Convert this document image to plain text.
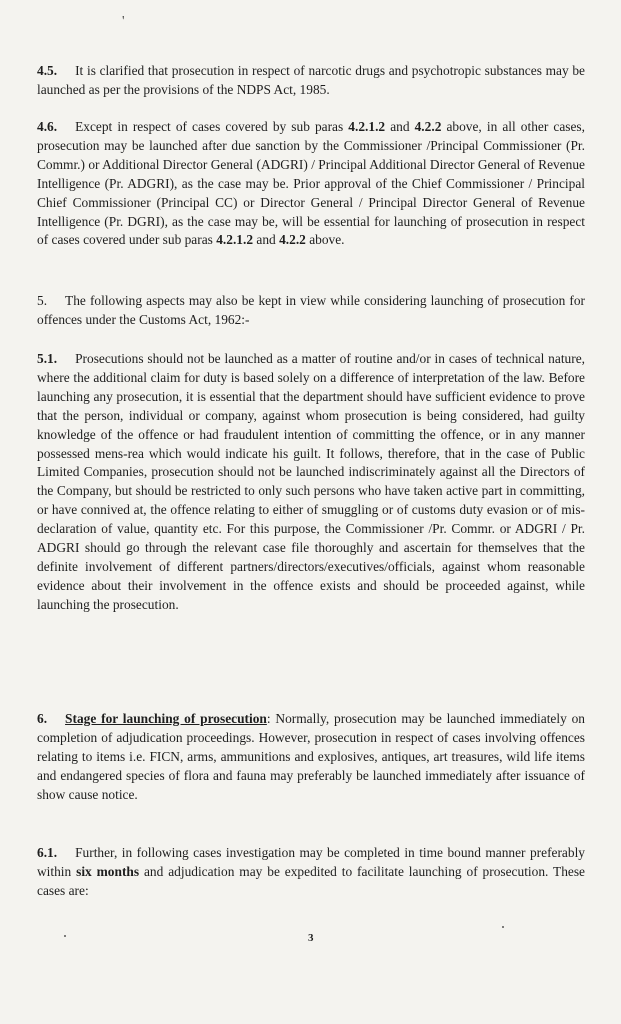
'

4.5. It is clarified that prosecution in respect of narcotic drugs and psychotropic substances may be launched as per the provisions of the NDPS Act, 1985.

4.6. Except in respect of cases covered by sub paras 4.2.1.2 and 4.2.2 above, in all other cases, prosecution may be launched after due sanction by the Commissioner /Principal Commissioner (Pr. Commr.) or Additional Director General (ADGRI) / Principal Additional Director General of Revenue Intelligence (Pr. ADGRI), as the case may be. Prior approval of the Chief Commissioner / Principal Chief Commissioner (Principal CC) or Director General / Principal Director General of Revenue Intelligence (Pr. DGRI), as the case may be, will be essential for launching of prosecution in respect of cases covered under sub paras 4.2.1.2 and 4.2.2 above.

5. The following aspects may also be kept in view while considering launching of prosecution for offences under the Customs Act, 1962:-

5.1. Prosecutions should not be launched as a matter of routine and/or in cases of technical nature, where the additional claim for duty is based solely on a difference of interpretation of the law. Before launching any prosecution, it is essential that the department should have sufficient evidence to prove that the person, individual or company, against whom prosecution is being considered, had guilty knowledge of the offence or had fraudulent intention of committing the offence, or in any manner possessed mens-rea which would indicate his guilt. It follows, therefore, that in the case of Public Limited Companies, prosecution should not be launched indiscriminately against all the Directors of the Company, but should be restricted to only such persons who have taken active part in committing, or have connived at, the offence relating to either of smuggling or of customs duty evasion or of mis-declaration of value, quantity etc. For this purpose, the Commissioner /Pr. Commr. or ADGRI / Pr. ADGRI should go through the relevant case file thoroughly and ascertain for themselves that the definite involvement of different partners/directors/executives/officials, against whom reasonable evidence about their involvement in the offence exists and should be proceeded against, while launching the prosecution.

6. Stage for launching of prosecution: Normally, prosecution may be launched immediately on completion of adjudication proceedings. However, prosecution in respect of cases involving offences relating to items i.e. FICN, arms, ammunitions and explosives, antiques, art treasures, wild life items and endangered species of flora and fauna may preferably be launched immediately after issuance of show cause notice.

6.1. Further, in following cases investigation may be completed in time bound manner preferably within six months and adjudication may be expedited to facilitate launching of prosecution. These cases are:

3
